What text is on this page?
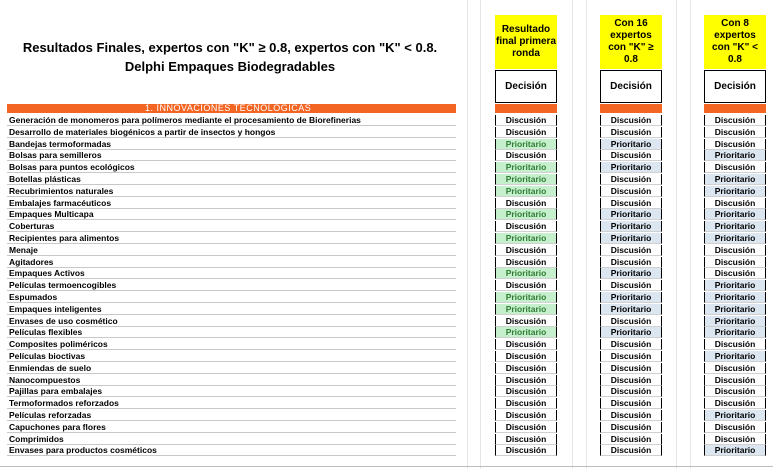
Resultados Finales, expertos con "K" ≥ 0.8, expertos con "K" < 0.8.
Delphi Empaques Biodegradables
Resultado final primera ronda
Con 16 expertos con "K" ≥ 0.8
Con 8 expertos con "K" < 0.8
Decisión	Decisión	Decisión
1. INNOVACIONES TECNOLÓGICAS
Generación de monomeros para polímeros mediante el procesamiento de Biorefinerias	Discusión	Discusión	Discusión
Desarrollo de materiales biogénicos a partir de insectos y hongos	Discusión	Discusión	Discusión
Bandejas termoformadas	Prioritario	Prioritario	Discusión
Bolsas para semilleros	Discusión	Discusión	Prioritario
Bolsas para puntos ecológicos	Prioritario	Prioritario	Discusión
Botellas plásticas	Prioritario	Discusión	Prioritario
Recubrimientos naturales	Prioritario	Discusión	Prioritario
Embalajes farmacéuticos	Discusión	Discusión	Discusión
Empaques Multicapa	Prioritario	Prioritario	Prioritario
Coberturas	Discusión	Prioritario	Prioritario
Recipientes para alimentos	Prioritario	Prioritario	Prioritario
Menaje	Discusión	Discusión	Discusión
Agitadores	Discusión	Discusión	Discusión
Empaques Activos	Prioritario	Prioritario	Discusión
Películas termoencogibles	Discusión	Discusión	Prioritario
Espumados	Prioritario	Prioritario	Prioritario
Empaques inteligentes	Prioritario	Prioritario	Prioritario
Envases de uso cosmético	Discusión	Discusión	Prioritario
Películas flexibles	Prioritario	Prioritario	Prioritario
Composites poliméricos	Discusión	Discusión	Discusión
Películas bioctivas	Discusión	Discusión	Prioritario
Enmiendas de suelo	Discusión	Discusión	Discusión
Nanocompuestos	Discusión	Discusión	Discusión
Pajillas para embalajes	Discusión	Discusión	Discusión
Termoformados reforzados	Discusión	Discusión	Discusión
Películas reforzadas	Discusión	Discusión	Prioritario
Capuchones para flores	Discusión	Discusión	Discusión
Comprimidos	Discusión	Discusión	Discusión
Envases para productos cosméticos	Discusión	Discusión	Prioritario
